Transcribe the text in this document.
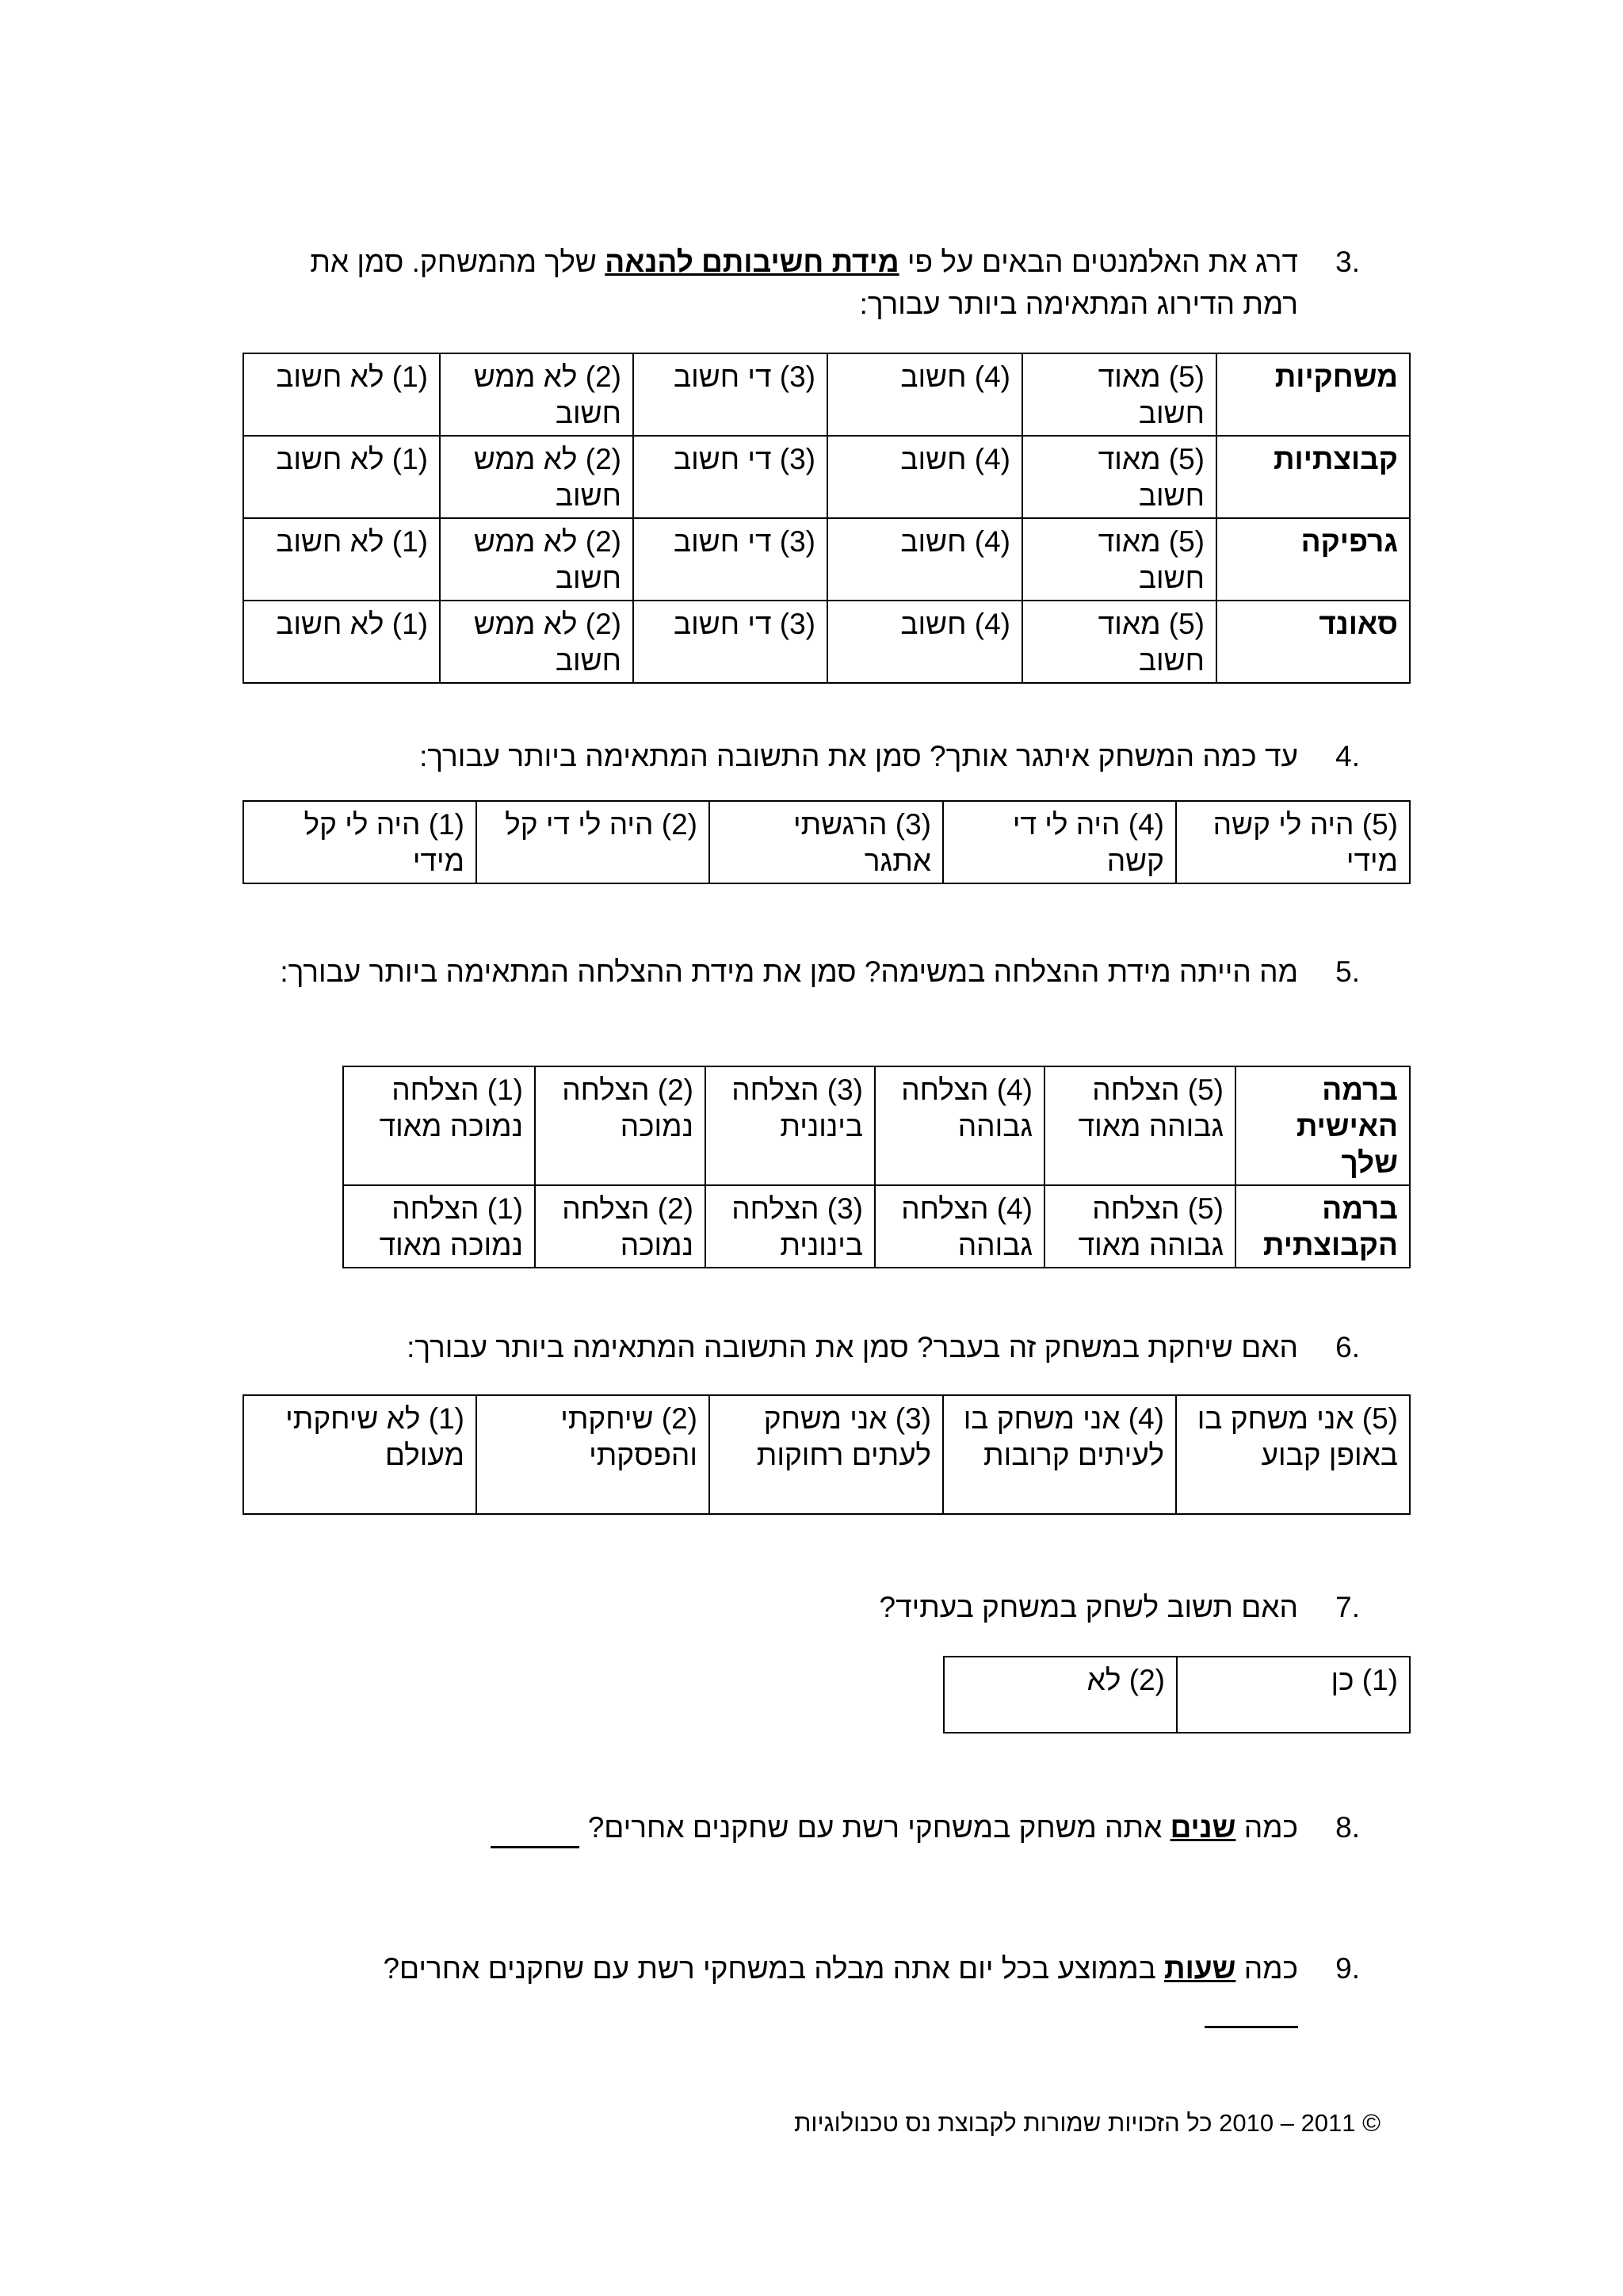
3.
דרג את האלמנטים הבאים על פי מידת חשיבותם להנאה שלך מהמשחק. סמן את רמת הדירוג המתאימה ביותר עבורך:
משחקיות	(5) מאוד חשוב	(4) חשוב	(3) די חשוב	(2) לא ממש חשוב	(1) לא חשוב
קבוצתיות	(5) מאוד חשוב	(4) חשוב	(3) די חשוב	(2) לא ממש חשוב	(1) לא חשוב
גרפיקה	(5) מאוד חשוב	(4) חשוב	(3) די חשוב	(2) לא ממש חשוב	(1) לא חשוב
סאונד	(5) מאוד חשוב	(4) חשוב	(3) די חשוב	(2) לא ממש חשוב	(1) לא חשוב
4.
עד כמה המשחק איתגר אותך? סמן את התשובה המתאימה ביותר עבורך:
(5) היה לי קשה מידי	(4) היה לי די קשה	(3) הרגשתי אתגר	(2) היה לי די קל	(1) היה לי קל מידי
5.
מה הייתה מידת ההצלחה במשימה? סמן את מידת ההצלחה המתאימה ביותר עבורך:
ברמה האישית שלך	(5) הצלחה גבוהה מאוד	(4) הצלחה גבוהה	(3) הצלחה בינונית	(2) הצלחה נמוכה	(1) הצלחה נמוכה מאוד
ברמה הקבוצתית	(5) הצלחה גבוהה מאוד	(4) הצלחה גבוהה	(3) הצלחה בינונית	(2) הצלחה נמוכה	(1) הצלחה נמוכה מאוד
6.
האם שיחקת במשחק זה בעבר? סמן את התשובה המתאימה ביותר עבורך:
(5) אני משחק בו באופן קבוע	(4) אני משחק בו לעיתים קרובות	(3) אני משחק לעתים רחוקות	(2) שיחקתי והפסקתי	(1) לא שיחקתי מעולם
7.
האם תשוב לשחק במשחק בעתיד?
(1) כן	(2) לא
8.
כמה שנים אתה משחק במשחקי רשת עם שחקנים אחרים?
9.
כמה שעות בממוצע בכל יום אתה מבלה במשחקי רשת עם שחקנים אחרים?
© 2011 – 2010 כל הזכויות שמורות לקבוצת נס טכנולוגיות
